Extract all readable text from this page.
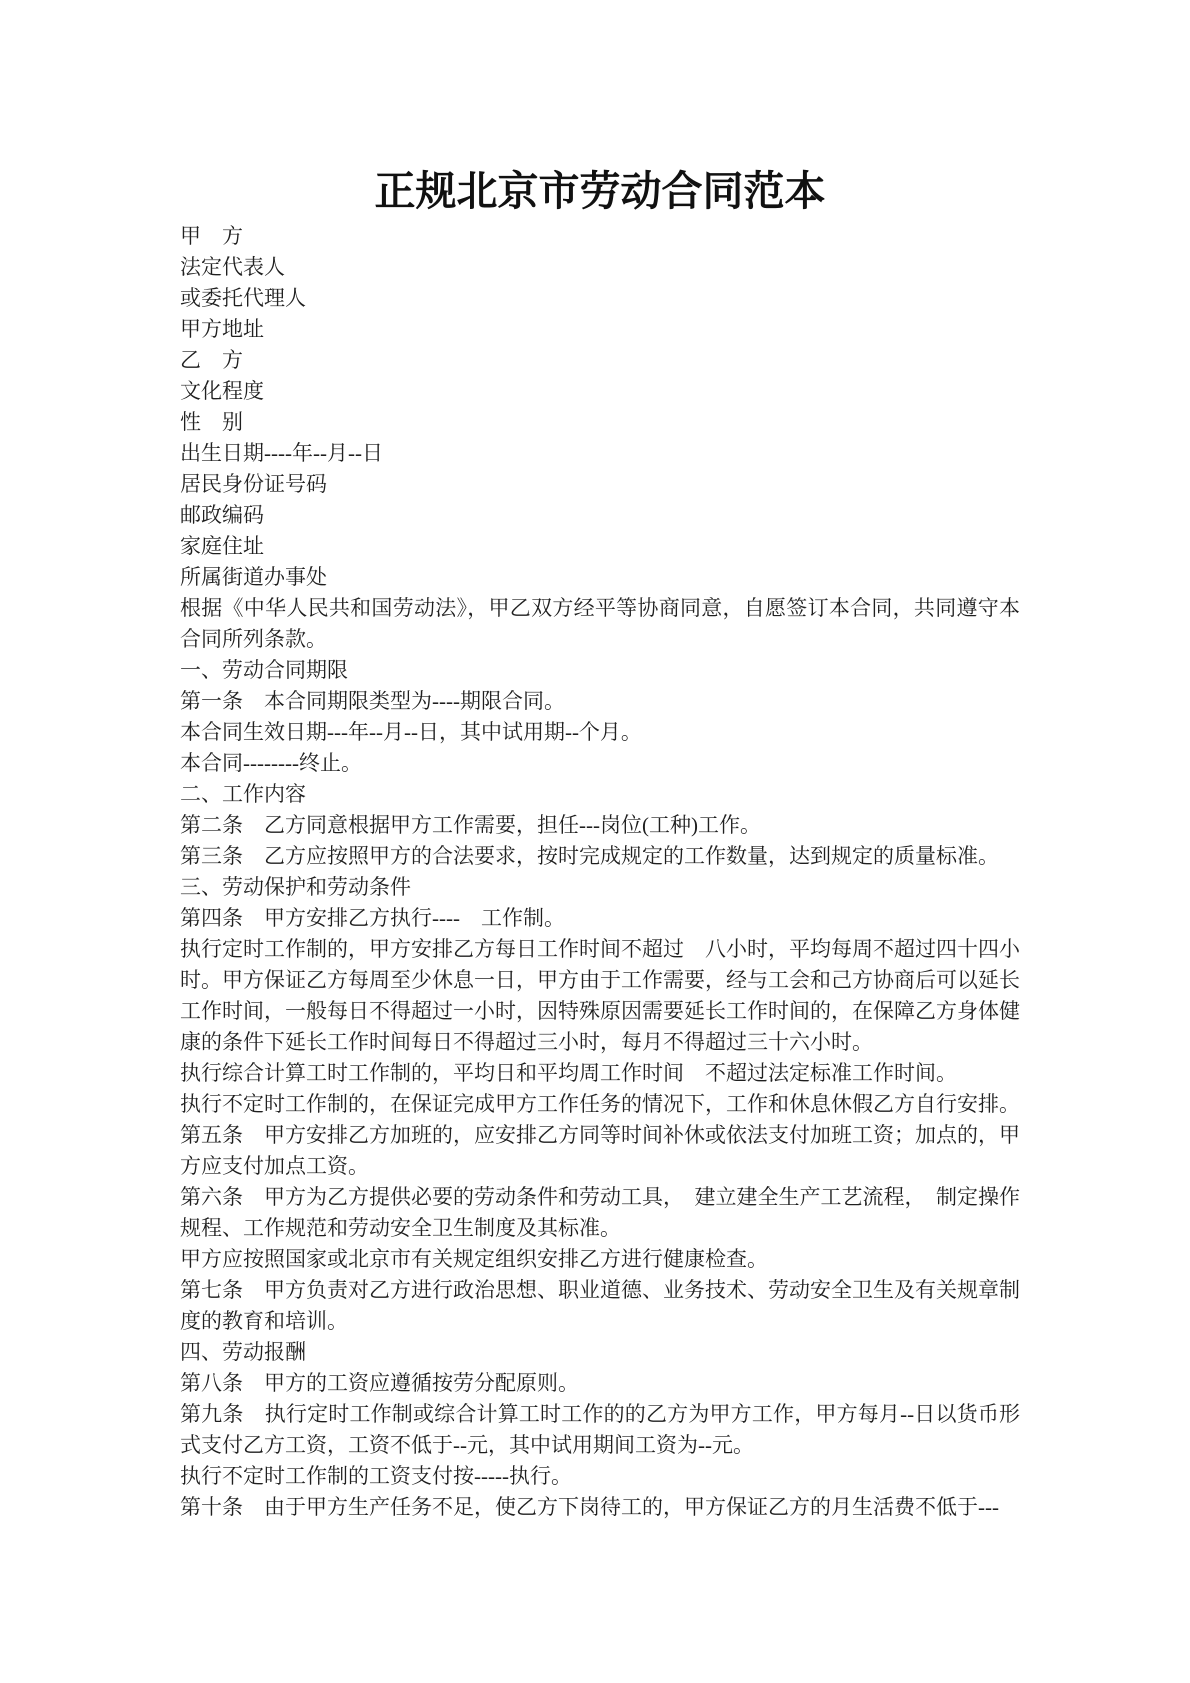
正规北京市劳动合同范本

甲　方

法定代表人

或委托代理人

甲方地址

乙　方

文化程度

性　别

出生日期----年--月--日

居民身份证号码

邮政编码

家庭住址

所属街道办事处

根据《中华人民共和国劳动法》，甲乙双方经平等协商同意，自愿签订本合同，共同遵守本合同所列条款。

一、劳动合同期限

第一条　本合同期限类型为----期限合同。

本合同生效日期---年--月--日，其中试用期--个月。

本合同--------终止。

二、工作内容

第二条　乙方同意根据甲方工作需要，担任---岗位(工种)工作。

第三条　乙方应按照甲方的合法要求，按时完成规定的工作数量，达到规定的质量标准。

三、劳动保护和劳动条件

第四条　甲方安排乙方执行----　工作制。

执行定时工作制的，甲方安排乙方每日工作时间不超过　八小时，平均每周不超过四十四小时。甲方保证乙方每周至少休息一日，甲方由于工作需要，经与工会和己方协商后可以延长工作时间，一般每日不得超过一小时，因特殊原因需要延长工作时间的，在保障乙方身体健康的条件下延长工作时间每日不得超过三小时，每月不得超过三十六小时。

执行综合计算工时工作制的，平均日和平均周工作时间　不超过法定标准工作时间。

执行不定时工作制的，在保证完成甲方工作任务的情况下，工作和休息休假乙方自行安排。

第五条　甲方安排乙方加班的，应安排乙方同等时间补休或依法支付加班工资；加点的，甲方应支付加点工资。

第六条　甲方为乙方提供必要的劳动条件和劳动工具，　建立建全生产工艺流程，　制定操作规程、工作规范和劳动安全卫生制度及其标准。

甲方应按照国家或北京市有关规定组织安排乙方进行健康检查。

第七条　甲方负责对乙方进行政治思想、职业道德、业务技术、劳动安全卫生及有关规章制度的教育和培训。

四、劳动报酬

第八条　甲方的工资应遵循按劳分配原则。

第九条　执行定时工作制或综合计算工时工作的的乙方为甲方工作，甲方每月--日以货币形式支付乙方工资，工资不低于--元，其中试用期间工资为--元。

执行不定时工作制的工资支付按-----执行。

第十条　由于甲方生产任务不足，使乙方下岗待工的，甲方保证乙方的月生活费不低于---
